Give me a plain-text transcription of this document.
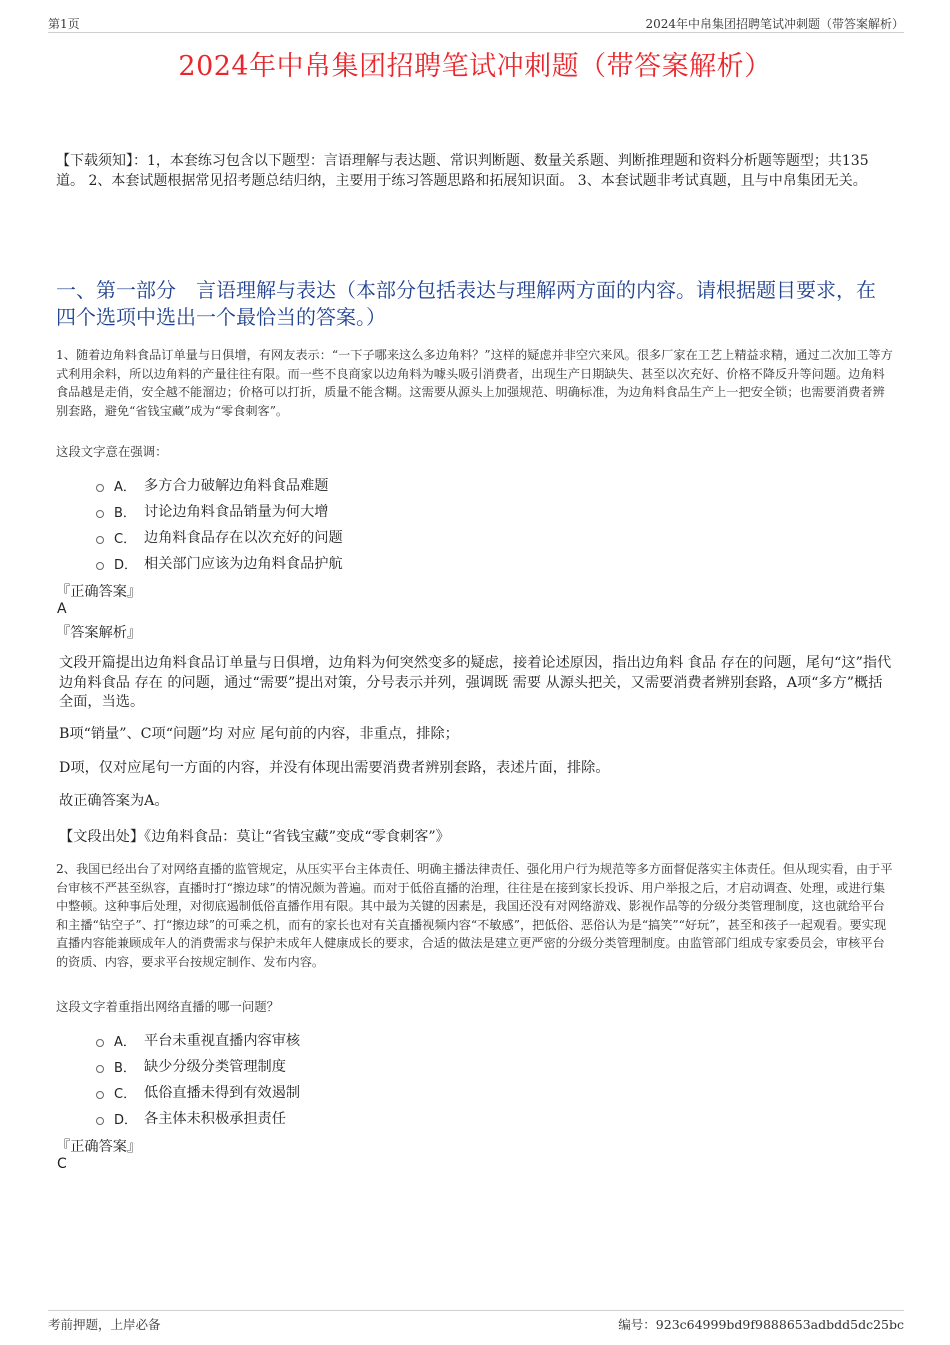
第1页	2024年中帛集团招聘笔试冲刺题（带答案解析）
2024年中帛集团招聘笔试冲刺题（带答案解析）
【下载须知】：1，本套练习包含以下题型：言语理解与表达题、常识判断题、数量关系题、判断推理题和资料分析题等题型；共135道。 2、本套试题根据常见招考题总结归纳，主要用于练习答题思路和拓展知识面。 3、本套试题非考试真题，且与中帛集团无关。
一、第一部分　言语理解与表达（本部分包括表达与理解两方面的内容。请根据题目要求，在四个选项中选出一个最恰当的答案。）
1、随着边角料食品订单量与日俱增，有网友表示：“一下子哪来这么多边角料？”这样的疑虑并非空穴来风。很多厂家在工艺上精益求精，通过二次加工等方式利用余料，所以边角料的产量往往有限。而一些不良商家以边角料为噱头吸引消费者，出现生产日期缺失、甚至以次充好、价格不降反升等问题。边角料食品越是走俏，安全越不能溜边；价格可以打折，质量不能含糊。这需要从源头上加强规范、明确标准，为边角料食品生产上一把安全锁；也需要消费者辨别套路，避免“省钱宝藏”成为“零食刺客”。
这段文字意在强调：
A． 多方合力破解边角料食品难题
B． 讨论边角料食品销量为何大增
C． 边角料食品存在以次充好的问题
D． 相关部门应该为边角料食品护航
『正确答案』
A
『答案解析』
文段开篇提出边角料食品订单量与日俱增，边角料为何突然变多的疑虑，接着论述原因，指出边角料 食品 存在的问题，尾句“这”指代边角料食品 存在 的问题，通过“需要”提出对策，分号表示并列，强调既 需要 从源头把关，又需要消费者辨别套路，A项“多方”概括全面，当选。
B项“销量”、C项“问题”均 对应 尾句前的内容，非重点，排除；
D项，仅对应尾句一方面的内容，并没有体现出需要消费者辨别套路，表述片面，排除。
故正确答案为A。
【文段出处】《边角料食品：莫让“省钱宝藏”变成“零食刺客”》
2、我国已经出台了对网络直播的监管规定，从压实平台主体责任、明确主播法律责任、强化用户行为规范等多方面督促落实主体责任。但从现实看，由于平台审核不严甚至纵容，直播时打“擦边球”的情况颇为普遍。而对于低俗直播的治理，往往是在接到家长投诉、用户举报之后，才启动调查、处理，或进行集中整顿。这种事后处理，对彻底遏制低俗直播作用有限。其中最为关键的因素是，我国还没有对网络游戏、影视作品等的分级分类管理制度，这也就给平台和主播“钻空子”、打“擦边球”的可乘之机，而有的家长也对有关直播视频内容“不敏感”，把低俗、恶俗认为是“搞笑”“好玩”，甚至和孩子一起观看。要实现直播内容能兼顾成年人的消费需求与保护未成年人健康成长的要求，合适的做法是建立更严密的分级分类管理制度。由监管部门组成专家委员会，审核平台的资质、内容，要求平台按规定制作、发布内容。
这段文字着重指出网络直播的哪一问题？
A． 平台未重视直播内容审核
B． 缺少分级分类管理制度
C． 低俗直播未得到有效遏制
D． 各主体未积极承担责任
『正确答案』
C
考前押题，上岸必备	编号：923c64999bd9f9888653adbdd5dc25bc
